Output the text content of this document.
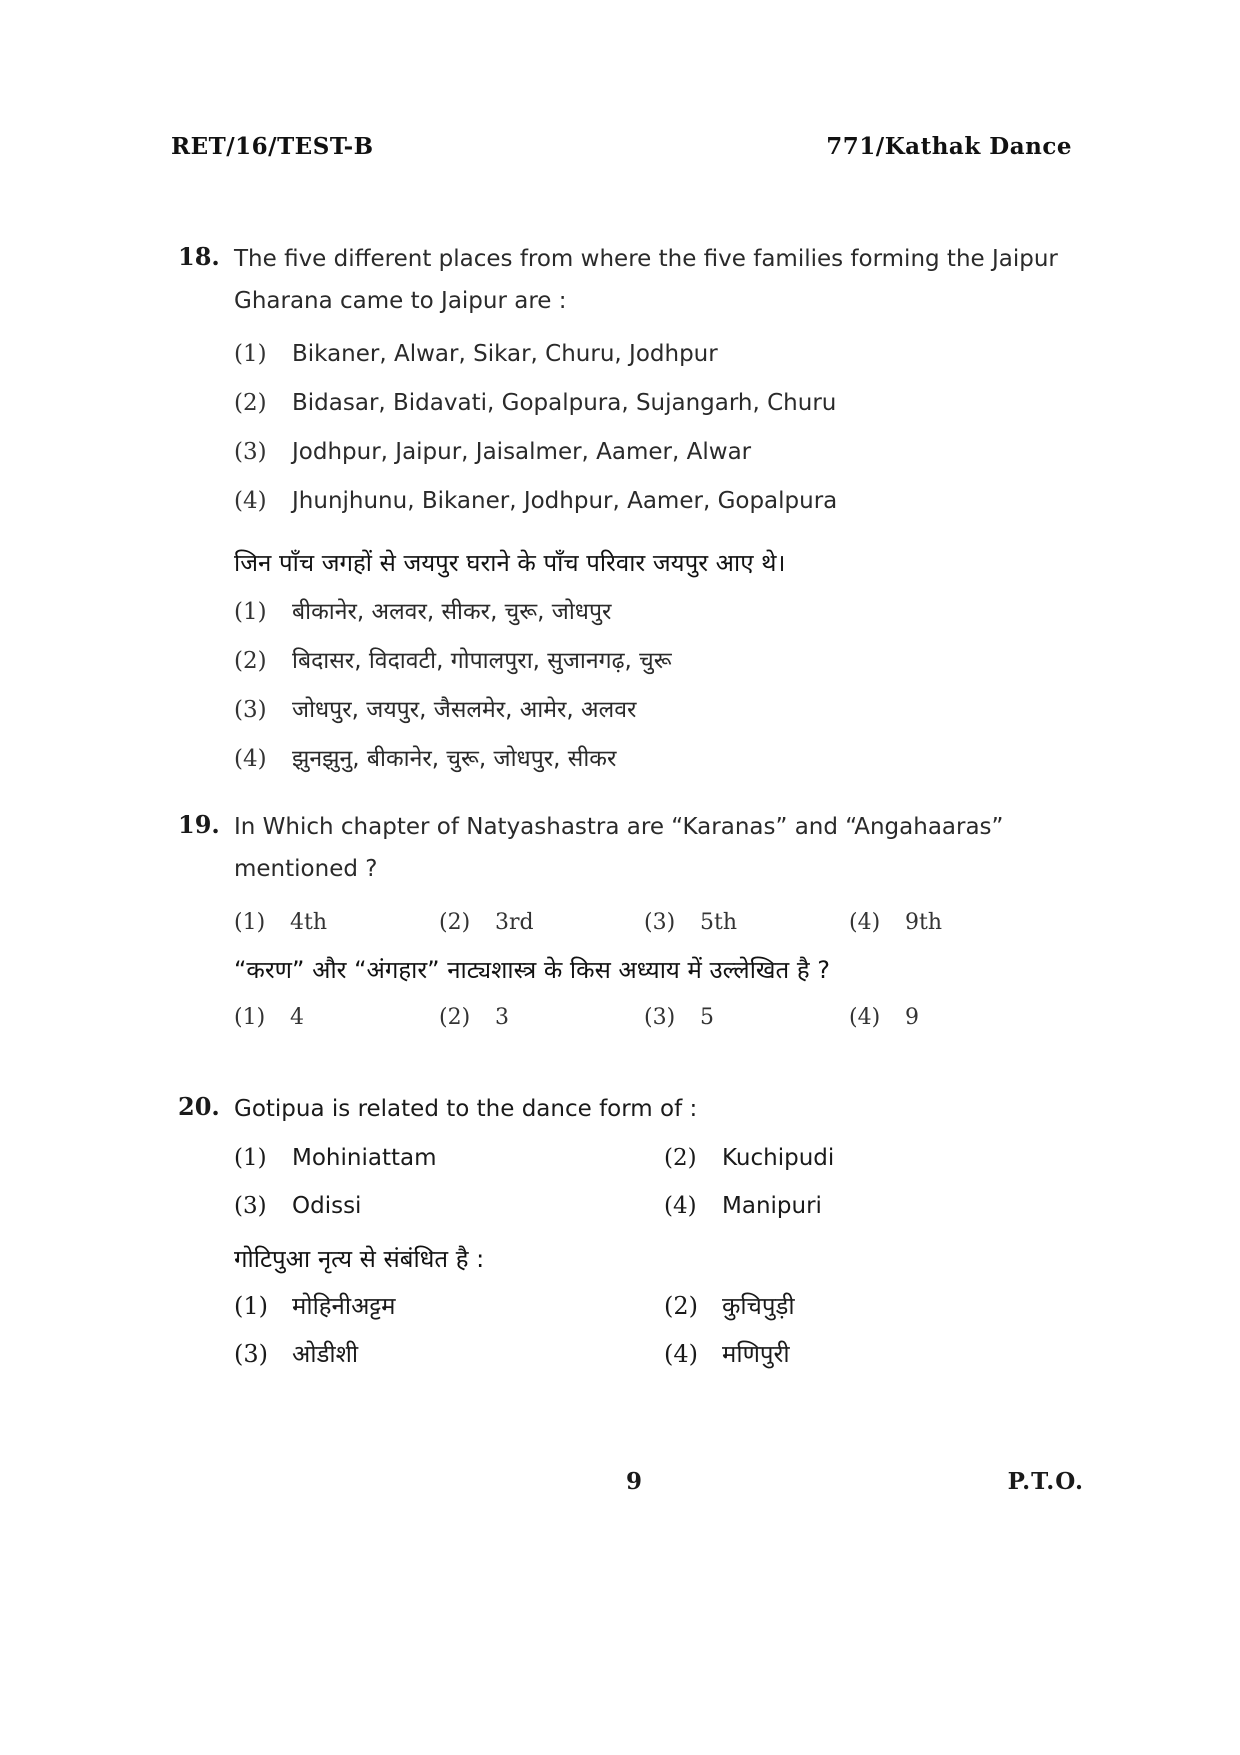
RET/16/TEST-B	771/Kathak Dance
18. The five different places from where the five families forming the Jaipur Gharana came to Jaipur are :
(1)	Bikaner, Alwar, Sikar, Churu, Jodhpur
(2)	Bidasar, Bidavati, Gopalpura, Sujangarh, Churu
(3)	Jodhpur, Jaipur, Jaisalmer, Aamer, Alwar
(4)	Jhunjhunu, Bikaner, Jodhpur, Aamer, Gopalpura
जिन पाँच जगहों से जयपुर घराने के पाँच परिवार जयपुर आए थे।
(1)	बीकानेर, अलवर, सीकर, चुरू, जोधपुर
(2)	बिदासर, विदावटी, गोपालपुरा, सुजानगढ़, चुरू
(3)	जोधपुर, जयपुर, जैसलमेर, आमेर, अलवर
(4)	झुनझुनु, बीकानेर, चुरू, जोधपुर, सीकर
19. In Which chapter of Natyashastra are “Karanas” and “Angahaaras” mentioned ?
(1)	4th	(2)	3rd	(3)	5th	(4)	9th
“करण” और “अंगहार” नाट्यशास्त्र के किस अध्याय में उल्लेखित है ?
(1)	4	(2)	3	(3)	5	(4)	9
20. Gotipua is related to the dance form of :
(1)	Mohiniattam	(2)	Kuchipudi
(3)	Odissi	(4)	Manipuri
गोटिपुआ नृत्य से संबंधित है :
(1)	मोहिनीअट्टम	(2)	कुचिपुड़ी
(3)	ओडीशी	(4)	मणिपुरी
9	P.T.O.
